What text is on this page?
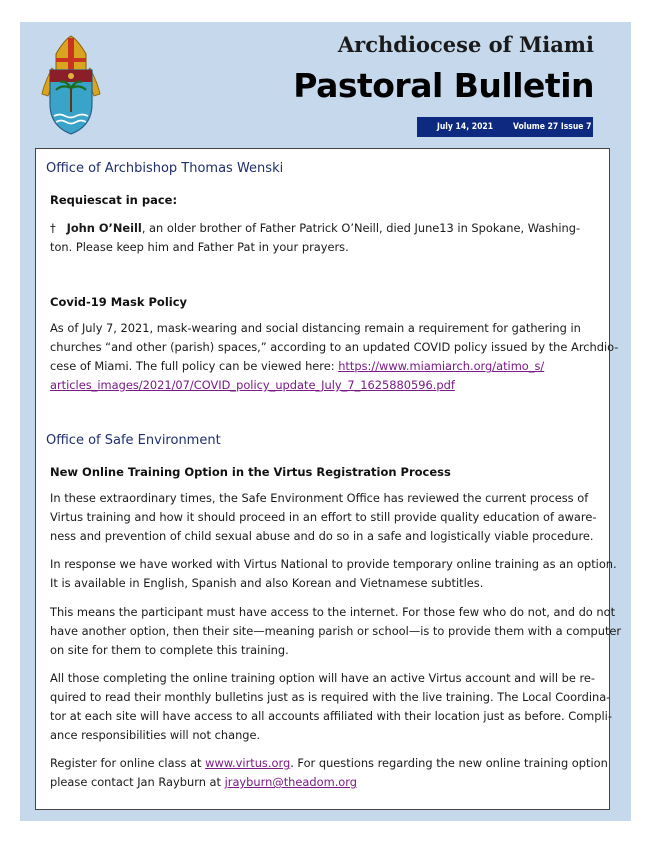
Archdiocese of Miami
Pastoral Bulletin
July 14, 2021 Volume 27 Issue 7
Office of Archbishop Thomas Wenski
Requiescat in pace:
† John O’Neill, an older brother of Father Patrick O’Neill, died June13 in Spokane, Washing-
ton. Please keep him and Father Pat in your prayers.
Covid-19 Mask Policy
As of July 7, 2021, mask-wearing and social distancing remain a requirement for gathering in
churches “and other (parish) spaces,” according to an updated COVID policy issued by the Archdio-
cese of Miami. The full policy can be viewed here: https://www.miamiarch.org/atimo_s/
articles_images/2021/07/COVID_policy_update_July_7_1625880596.pdf
Office of Safe Environment
New Online Training Option in the Virtus Registration Process
In these extraordinary times, the Safe Environment Office has reviewed the current process of
Virtus training and how it should proceed in an effort to still provide quality education of aware-
ness and prevention of child sexual abuse and do so in a safe and logistically viable procedure.
In response we have worked with Virtus National to provide temporary online training as an option.
It is available in English, Spanish and also Korean and Vietnamese subtitles.
This means the participant must have access to the internet. For those few who do not, and do not
have another option, then their site—meaning parish or school—is to provide them with a computer
on site for them to complete this training.
All those completing the online training option will have an active Virtus account and will be re-
quired to read their monthly bulletins just as is required with the live training. The Local Coordina-
tor at each site will have access to all accounts affiliated with their location just as before. Compli-
ance responsibilities will not change.
Register for online class at www.virtus.org. For questions regarding the new online training option
please contact Jan Rayburn at jrayburn@theadom.org
